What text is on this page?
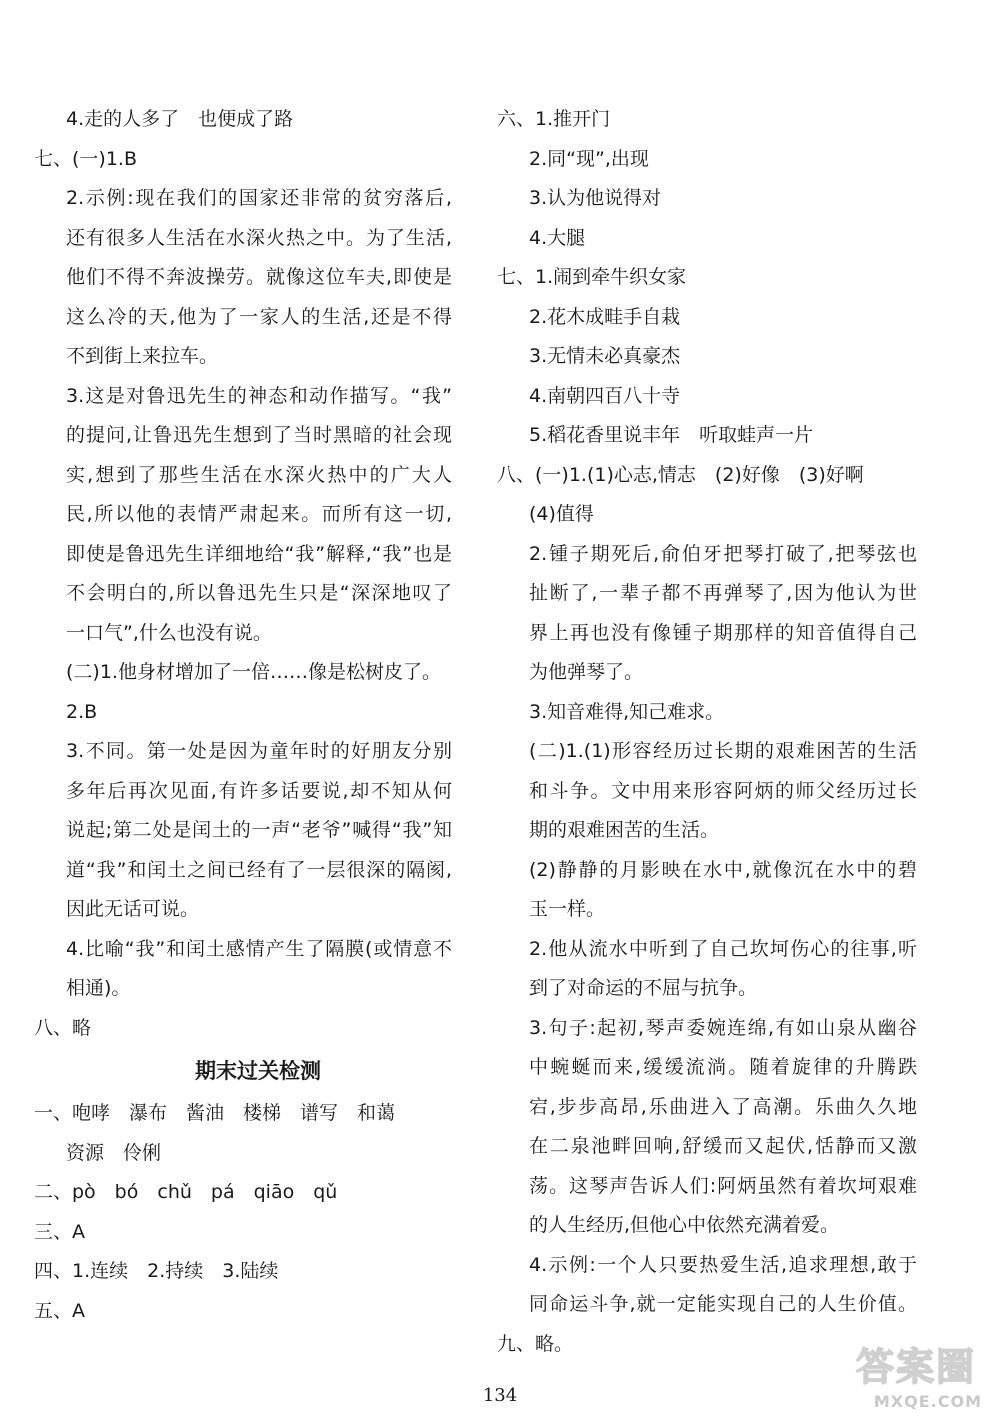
4.走的人多了　也便成了路
七、(一)1.B
2.示例:现在我们的国家还非常的贫穷落后,
还有很多人生活在水深火热之中。为了生活,
他们不得不奔波操劳。就像这位车夫,即使是
这么冷的天,他为了一家人的生活,还是不得
不到街上来拉车。
3.这是对鲁迅先生的神态和动作描写。“我”
的提问,让鲁迅先生想到了当时黑暗的社会现
实,想到了那些生活在水深火热中的广大人
民,所以他的表情严肃起来。而所有这一切,
即使是鲁迅先生详细地给“我”解释,“我”也是
不会明白的,所以鲁迅先生只是“深深地叹了
一口气”,什么也没有说。
(二)1.他身材增加了一倍……像是松树皮了。
2.B
3.不同。第一处是因为童年时的好朋友分别
多年后再次见面,有许多话要说,却不知从何
说起;第二处是闰土的一声“老爷”喊得“我”知
道“我”和闰土之间已经有了一层很深的隔阂,
因此无话可说。
4.比喻“我”和闰土感情产生了隔膜(或情意不
相通)。
八、略
期末过关检测
一、咆哮　瀑布　酱油　楼梯　谱写　和蔼
资源　伶俐
二、pò　bó　chǔ　pá　qiāo　qǔ
三、A
四、1.连续　2.持续　3.陆续
五、A
六、1.推开门
2.同“现”,出现
3.认为他说得对
4.大腿
七、1.闹到牵牛织女家
2.花木成畦手自栽
3.无情未必真豪杰
4.南朝四百八十寺
5.稻花香里说丰年　听取蛙声一片
八、(一)1.(1)心志,情志　(2)好像　(3)好啊
(4)值得
2.锺子期死后,俞伯牙把琴打破了,把琴弦也
扯断了,一辈子都不再弹琴了,因为他认为世
界上再也没有像锺子期那样的知音值得自己
为他弹琴了。
3.知音难得,知己难求。
(二)1.(1)形容经历过长期的艰难困苦的生活
和斗争。文中用来形容阿炳的师父经历过长
期的艰难困苦的生活。
(2)静静的月影映在水中,就像沉在水中的碧
玉一样。
2.他从流水中听到了自己坎坷伤心的往事,听
到了对命运的不屈与抗争。
3.句子:起初,琴声委婉连绵,有如山泉从幽谷
中蜿蜒而来,缓缓流淌。随着旋律的升腾跌
宕,步步高昂,乐曲进入了高潮。乐曲久久地
在二泉池畔回响,舒缓而又起伏,恬静而又激
荡。这琴声告诉人们:阿炳虽然有着坎坷艰难
的人生经历,但他心中依然充满着爱。
4.示例:一个人只要热爱生活,追求理想,敢于
同命运斗争,就一定能实现自己的人生价值。
九、略。
134
答案圈
MXQE.COM
